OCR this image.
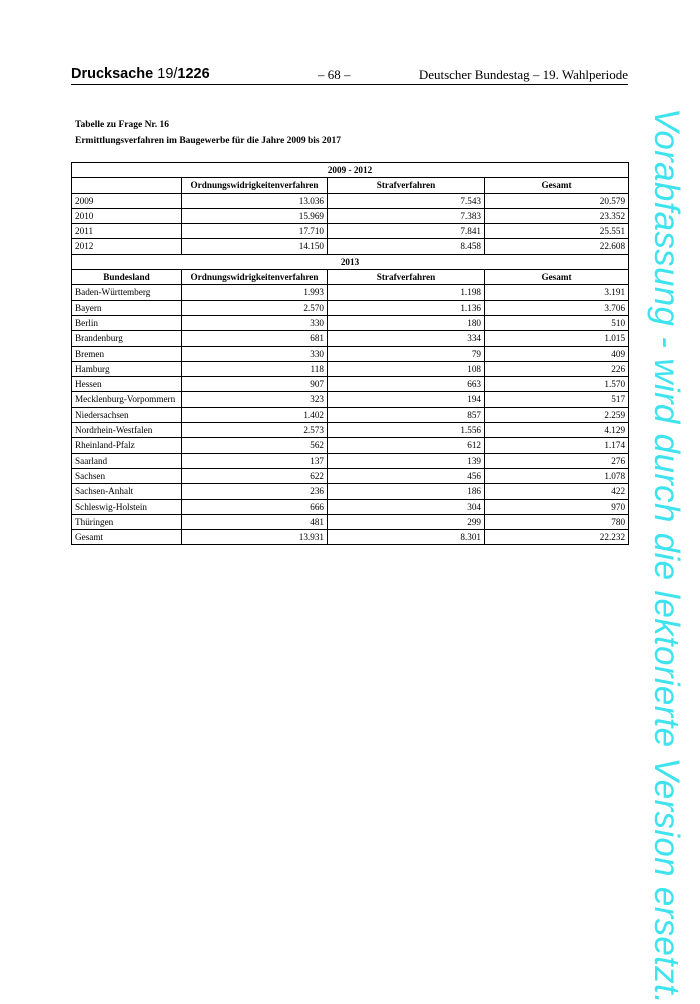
Drucksache 19/1226	– 68 –	Deutscher Bundestag – 19. Wahlperiode
Tabelle zu Frage Nr. 16
Ermittlungsverfahren im Baugewerbe für die Jahre 2009 bis 2017
2009 - 2012			
	Ordnungswidrigkeitenverfahren	Strafverfahren	Gesamt
2009	13.036	7.543	20.579
2010	15.969	7.383	23.352
2011	17.710	7.841	25.551
2012	14.150	8.458	22.608
2013			
Bundesland	Ordnungswidrigkeitenverfahren	Strafverfahren	Gesamt
Baden-Württemberg	1.993	1.198	3.191
Bayern	2.570	1.136	3.706
Berlin	330	180	510
Brandenburg	681	334	1.015
Bremen	330	79	409
Hamburg	118	108	226
Hessen	907	663	1.570
Mecklenburg-Vorpommern	323	194	517
Niedersachsen	1.402	857	2.259
Nordrhein-Westfalen	2.573	1.556	4.129
Rheinland-Pfalz	562	612	1.174
Saarland	137	139	276
Sachsen	622	456	1.078
Sachsen-Anhalt	236	186	422
Schleswig-Holstein	666	304	970
Thüringen	481	299	780
Gesamt	13.931	8.301	22.232 Vorabfassung - wird durch die lektorierte Version ersetzt.
